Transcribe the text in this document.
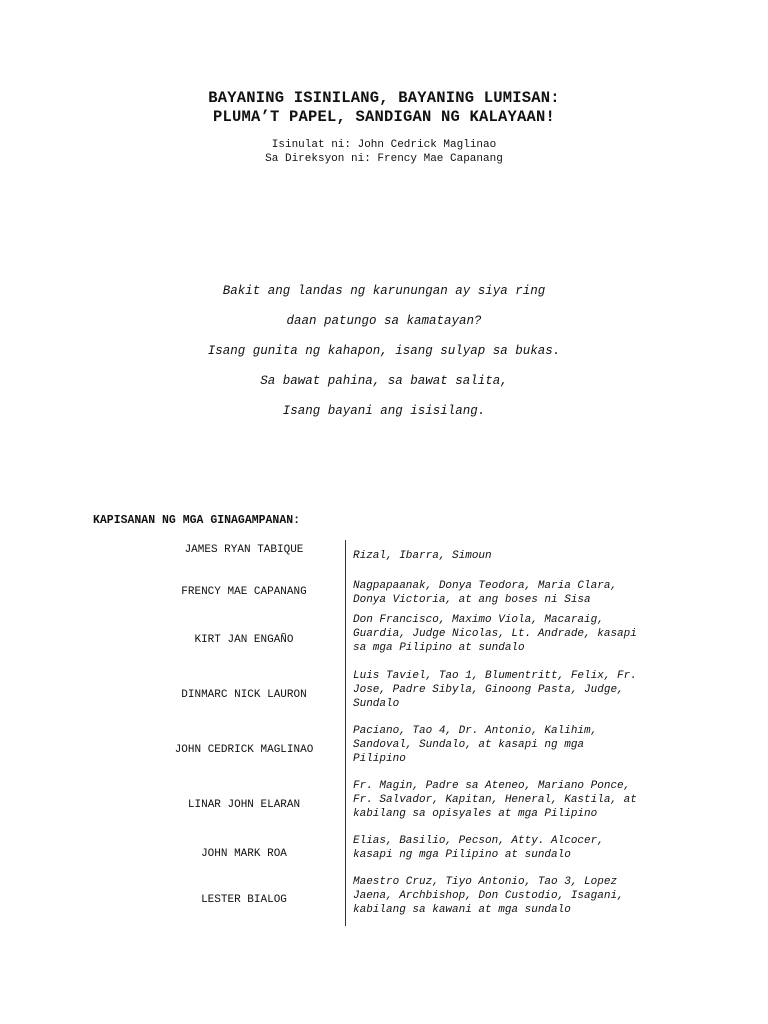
BAYANING ISINILANG, BAYANING LUMISAN:
PLUMA’T PAPEL, SANDIGAN NG KALAYAAN!

Isinulat ni: John Cedrick Maglinao

Sa Direksyon ni: Frency Mae Capanang

Bakit ang landas ng karunungan ay siya ring

daan patungo sa kamatayan?

Isang gunita ng kahapon, isang sulyap sa bukas.

Sa bawat pahina, sa bawat salita,

Isang bayani ang isisilang.

KAPISANAN NG MGA GINAGAMPANAN:

JAMES RYAN TABIQUE	Rizal, Ibarra, Simoun

FRENCY MAE CAPANANG	Nagpapaanak, Donya Teodora, Maria Clara,
Donya Victoria, at ang boses ni Sisa

KIRT JAN ENGAÑO

Don Francisco, Maximo Viola, Macaraig,
Guardia, Judge Nicolas, Lt. Andrade, kasapi
sa mga Pilipino at sundalo

DINMARC NICK LAURON

Luis Taviel, Tao 1, Blumentritt, Felix, Fr.
Jose, Padre Sibyla, Ginoong Pasta, Judge,
Sundalo

JOHN CEDRICK MAGLINAO

Paciano, Tao 4, Dr. Antonio, Kalihim,
Sandoval, Sundalo, at kasapi ng mga
Pilipino

LINAR JOHN ELARAN

Fr. Magin, Padre sa Ateneo, Mariano Ponce,
Fr. Salvador, Kapitan, Heneral, Kastila, at
kabilang sa opisyales at mga Pilipino

JOHN MARK ROA

Elias, Basilio, Pecson, Atty. Alcocer,
kasapi ng mga Pilipino at sundalo

LESTER BIALOG

Maestro Cruz, Tiyo Antonio, Tao 3, Lopez
Jaena, Archbishop, Don Custodio, Isagani,
kabilang sa kawani at mga sundalo
